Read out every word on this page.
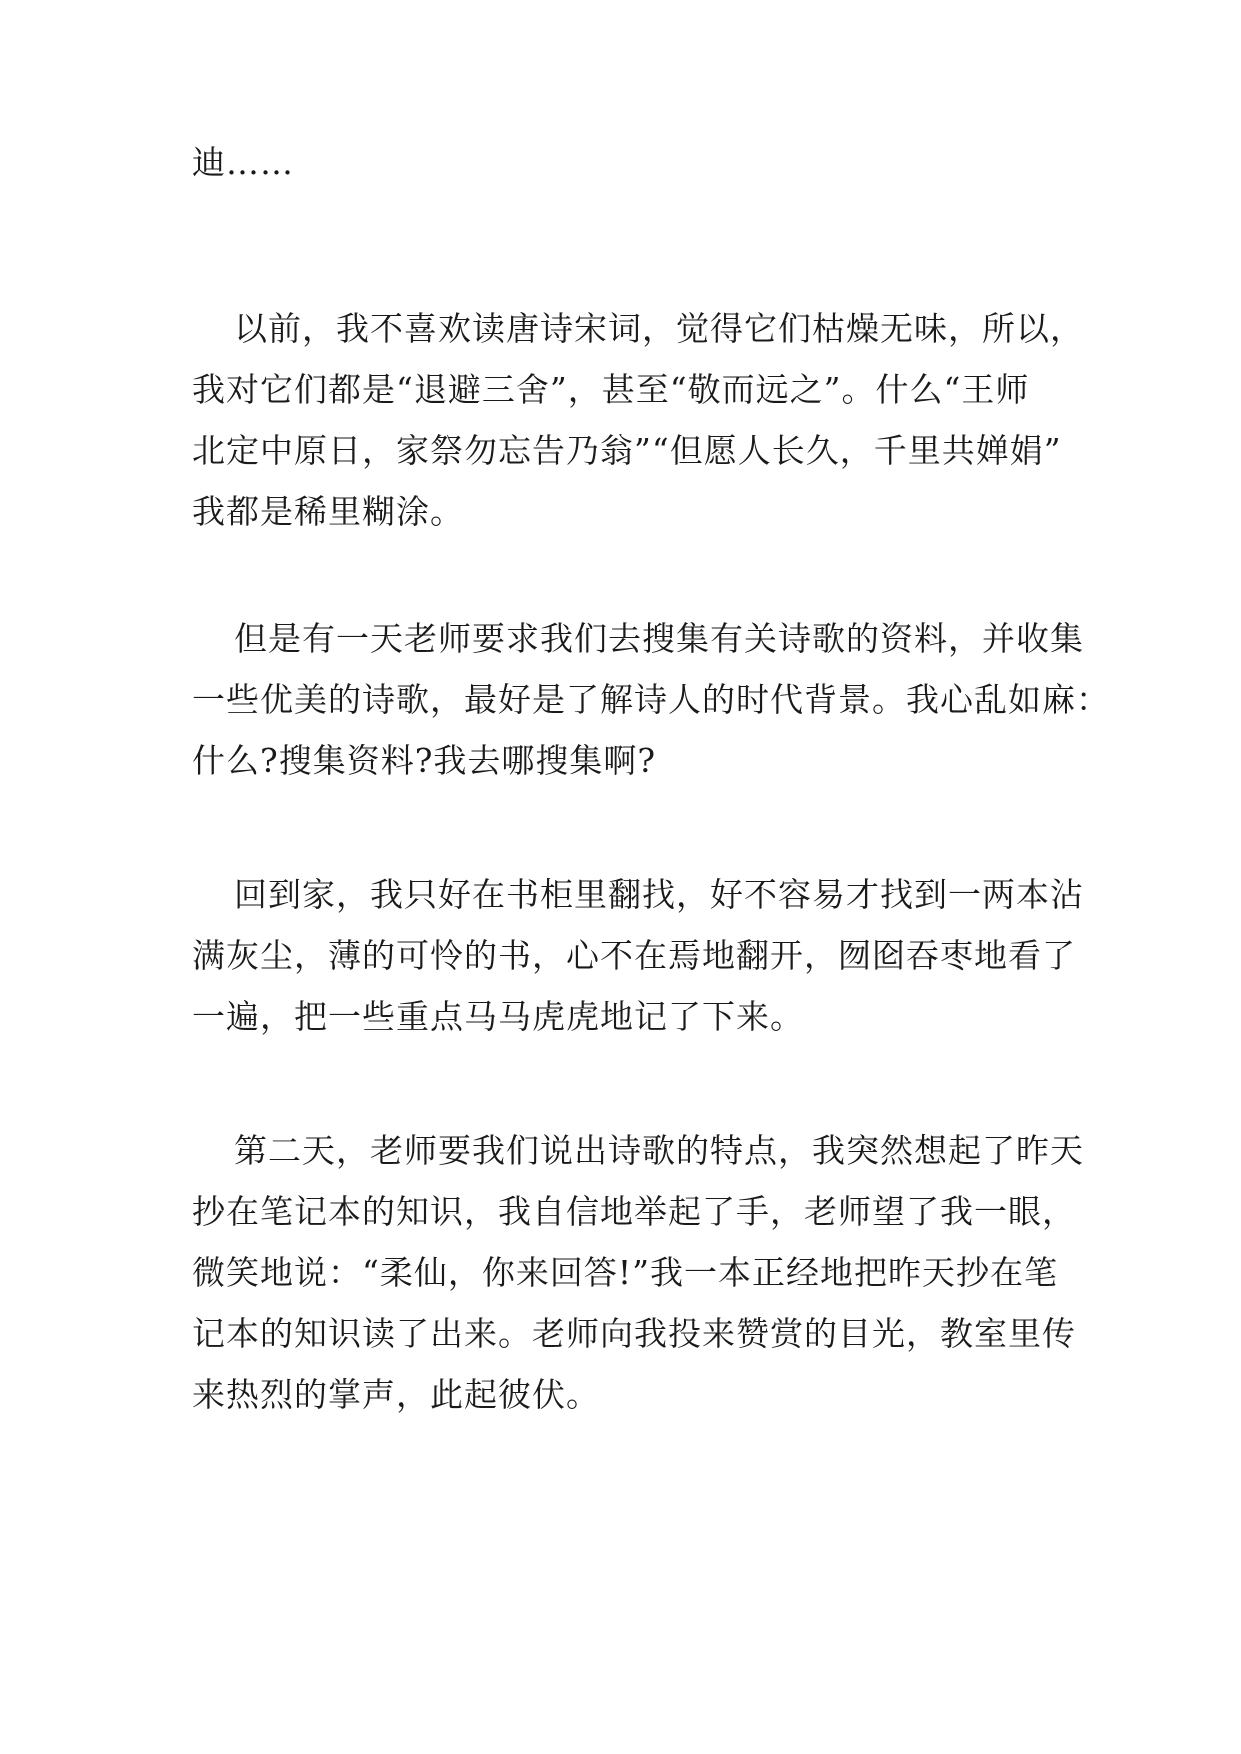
迪……

以前，我不喜欢读唐诗宋词，觉得它们枯燥无味，所以，
我对它们都是“退避三舍”，甚至“敬而远之”。什么“王师
北定中原日，家祭勿忘告乃翁”“但愿人长久，千里共婵娟”
我都是稀里糊涂。

但是有一天老师要求我们去搜集有关诗歌的资料，并收集
一些优美的诗歌，最好是了解诗人的时代背景。我心乱如麻：
什么?搜集资料?我去哪搜集啊?

回到家，我只好在书柜里翻找，好不容易才找到一两本沾
满灰尘，薄的可怜的书，心不在焉地翻开，囫囵吞枣地看了
一遍，把一些重点马马虎虎地记了下来。

第二天，老师要我们说出诗歌的特点，我突然想起了昨天
抄在笔记本的知识，我自信地举起了手，老师望了我一眼，
微笑地说：“柔仙，你来回答!”我一本正经地把昨天抄在笔
记本的知识读了出来。老师向我投来赞赏的目光，教室里传
来热烈的掌声，此起彼伏。
